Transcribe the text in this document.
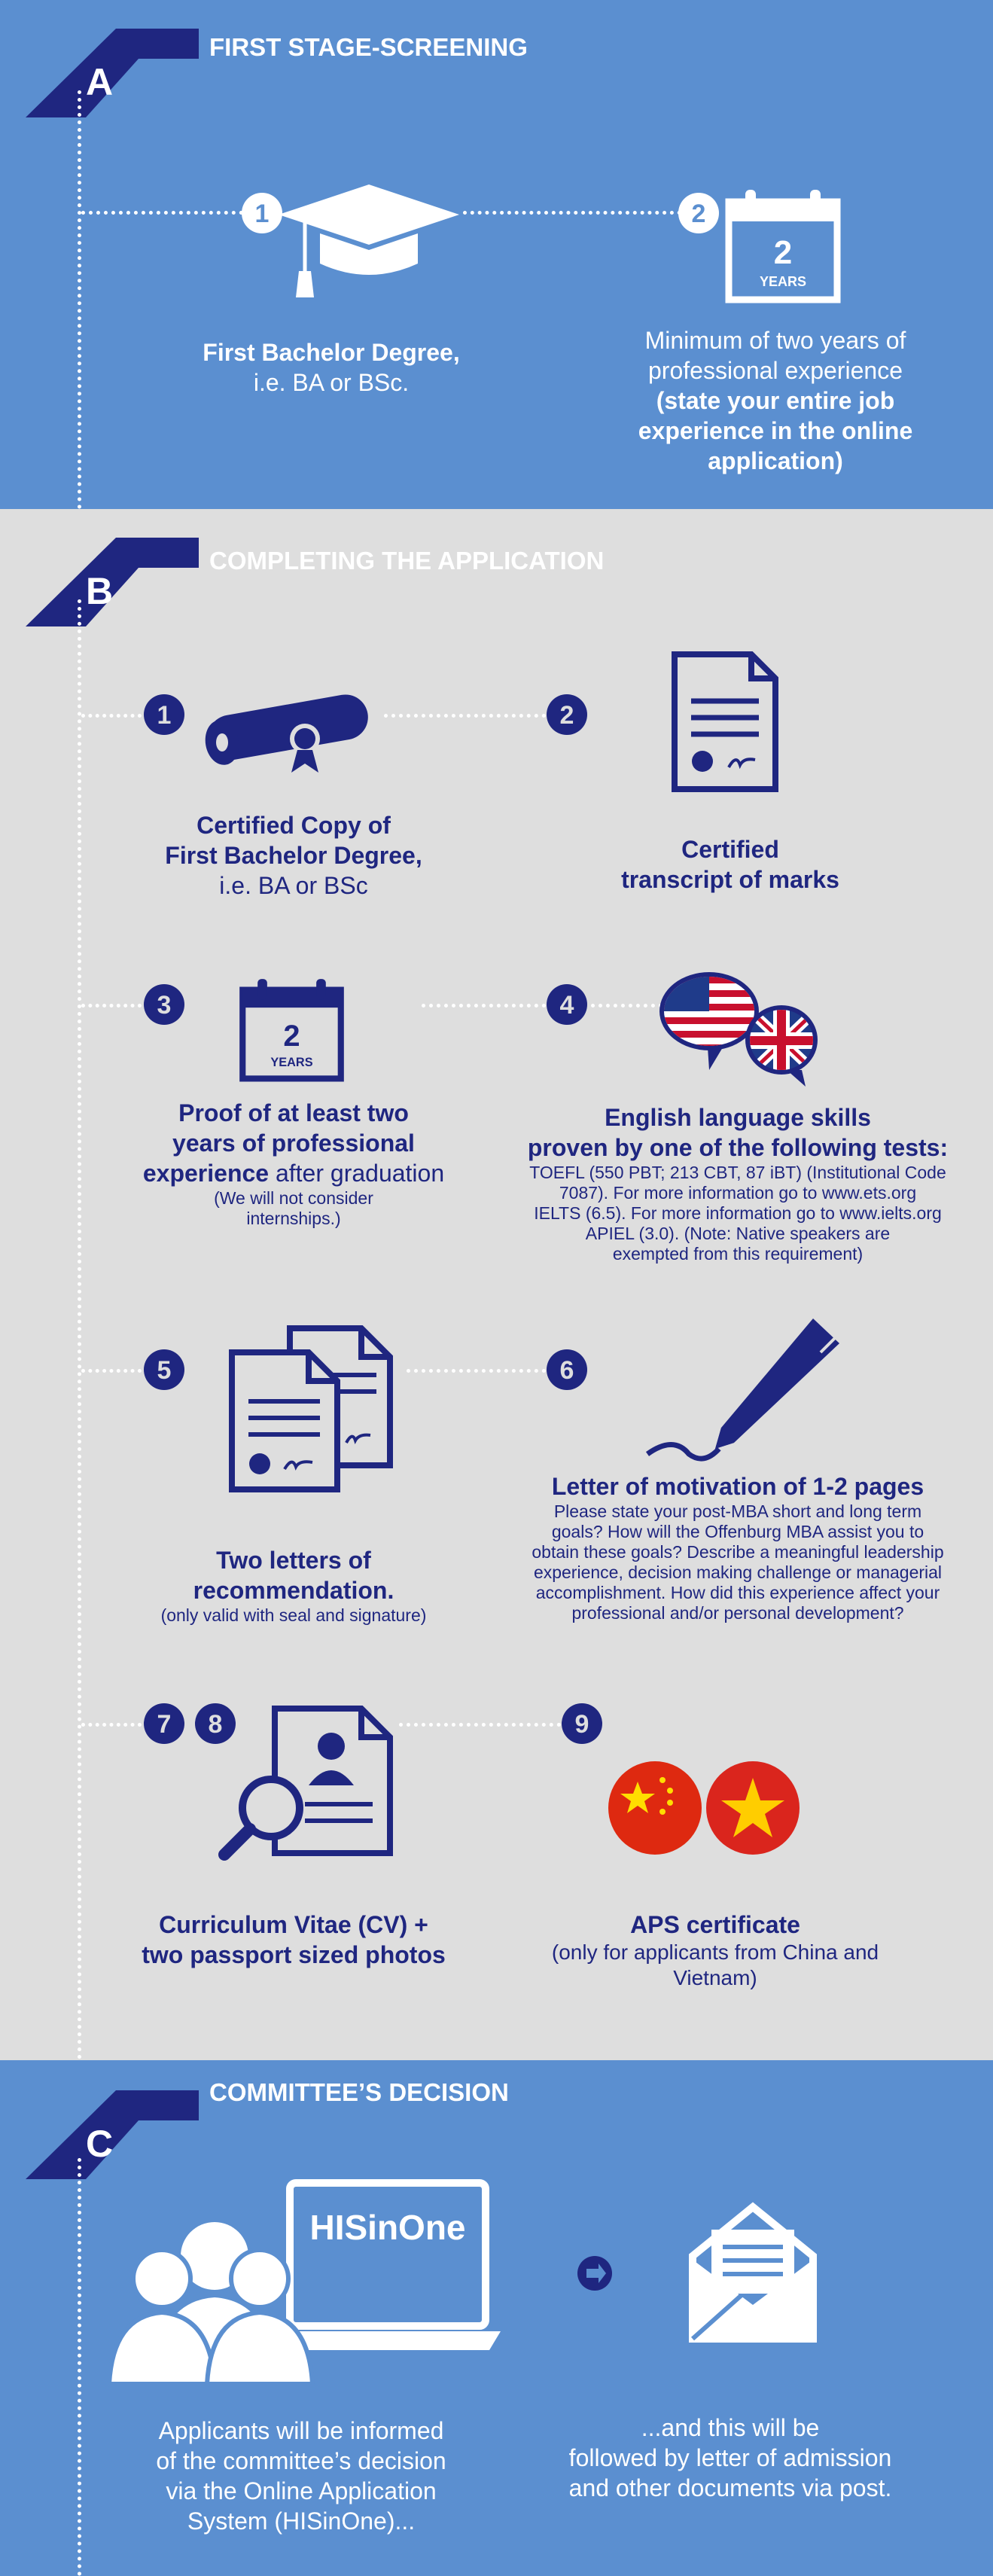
A
FIRST STAGE-SCREENING
1	2
2
YEARS
First Bachelor Degree,
i.e. BA or BSc.
Minimum of two years of
professional experience
(state your entire job
experience in the online
application)
B
COMPLETING THE APPLICATION
1	2
Certified Copy of
First Bachelor Degree,
i.e. BA or BSc
Certified
transcript of marks
3	4
2
YEARS
Proof of at least two
years of professional
experience after graduation
(We will not consider
internships.)
English language skills
proven by one of the following tests:
TOEFL (550 PBT; 213 CBT, 87 iBT) (Institutional Code
7087). For more information go to www.ets.org
IELTS (6.5). For more information go to www.ielts.org
APIEL (3.0). (Note: Native speakers are
exempted from this requirement)
5	6
Two letters of
recommendation.
(only valid with seal and signature)
Letter of motivation of 1-2 pages
Please state your post-MBA short and long term
goals? How will the Offenburg MBA assist you to
obtain these goals? Describe a meaningful leadership
experience, decision making challenge or managerial
accomplishment. How did this experience affect your
professional and/or personal development?
7 8	9
Curriculum Vitae (CV) +
two passport sized photos
APS certificate
(only for applicants from China and
Vietnam)
C
COMMITTEE’S DECISION
HISinOne
Applicants will be informed
of the committee’s decision
via the Online Application
System (HISinOne)...
...and this will be
followed by letter of admission
and other documents via post.
